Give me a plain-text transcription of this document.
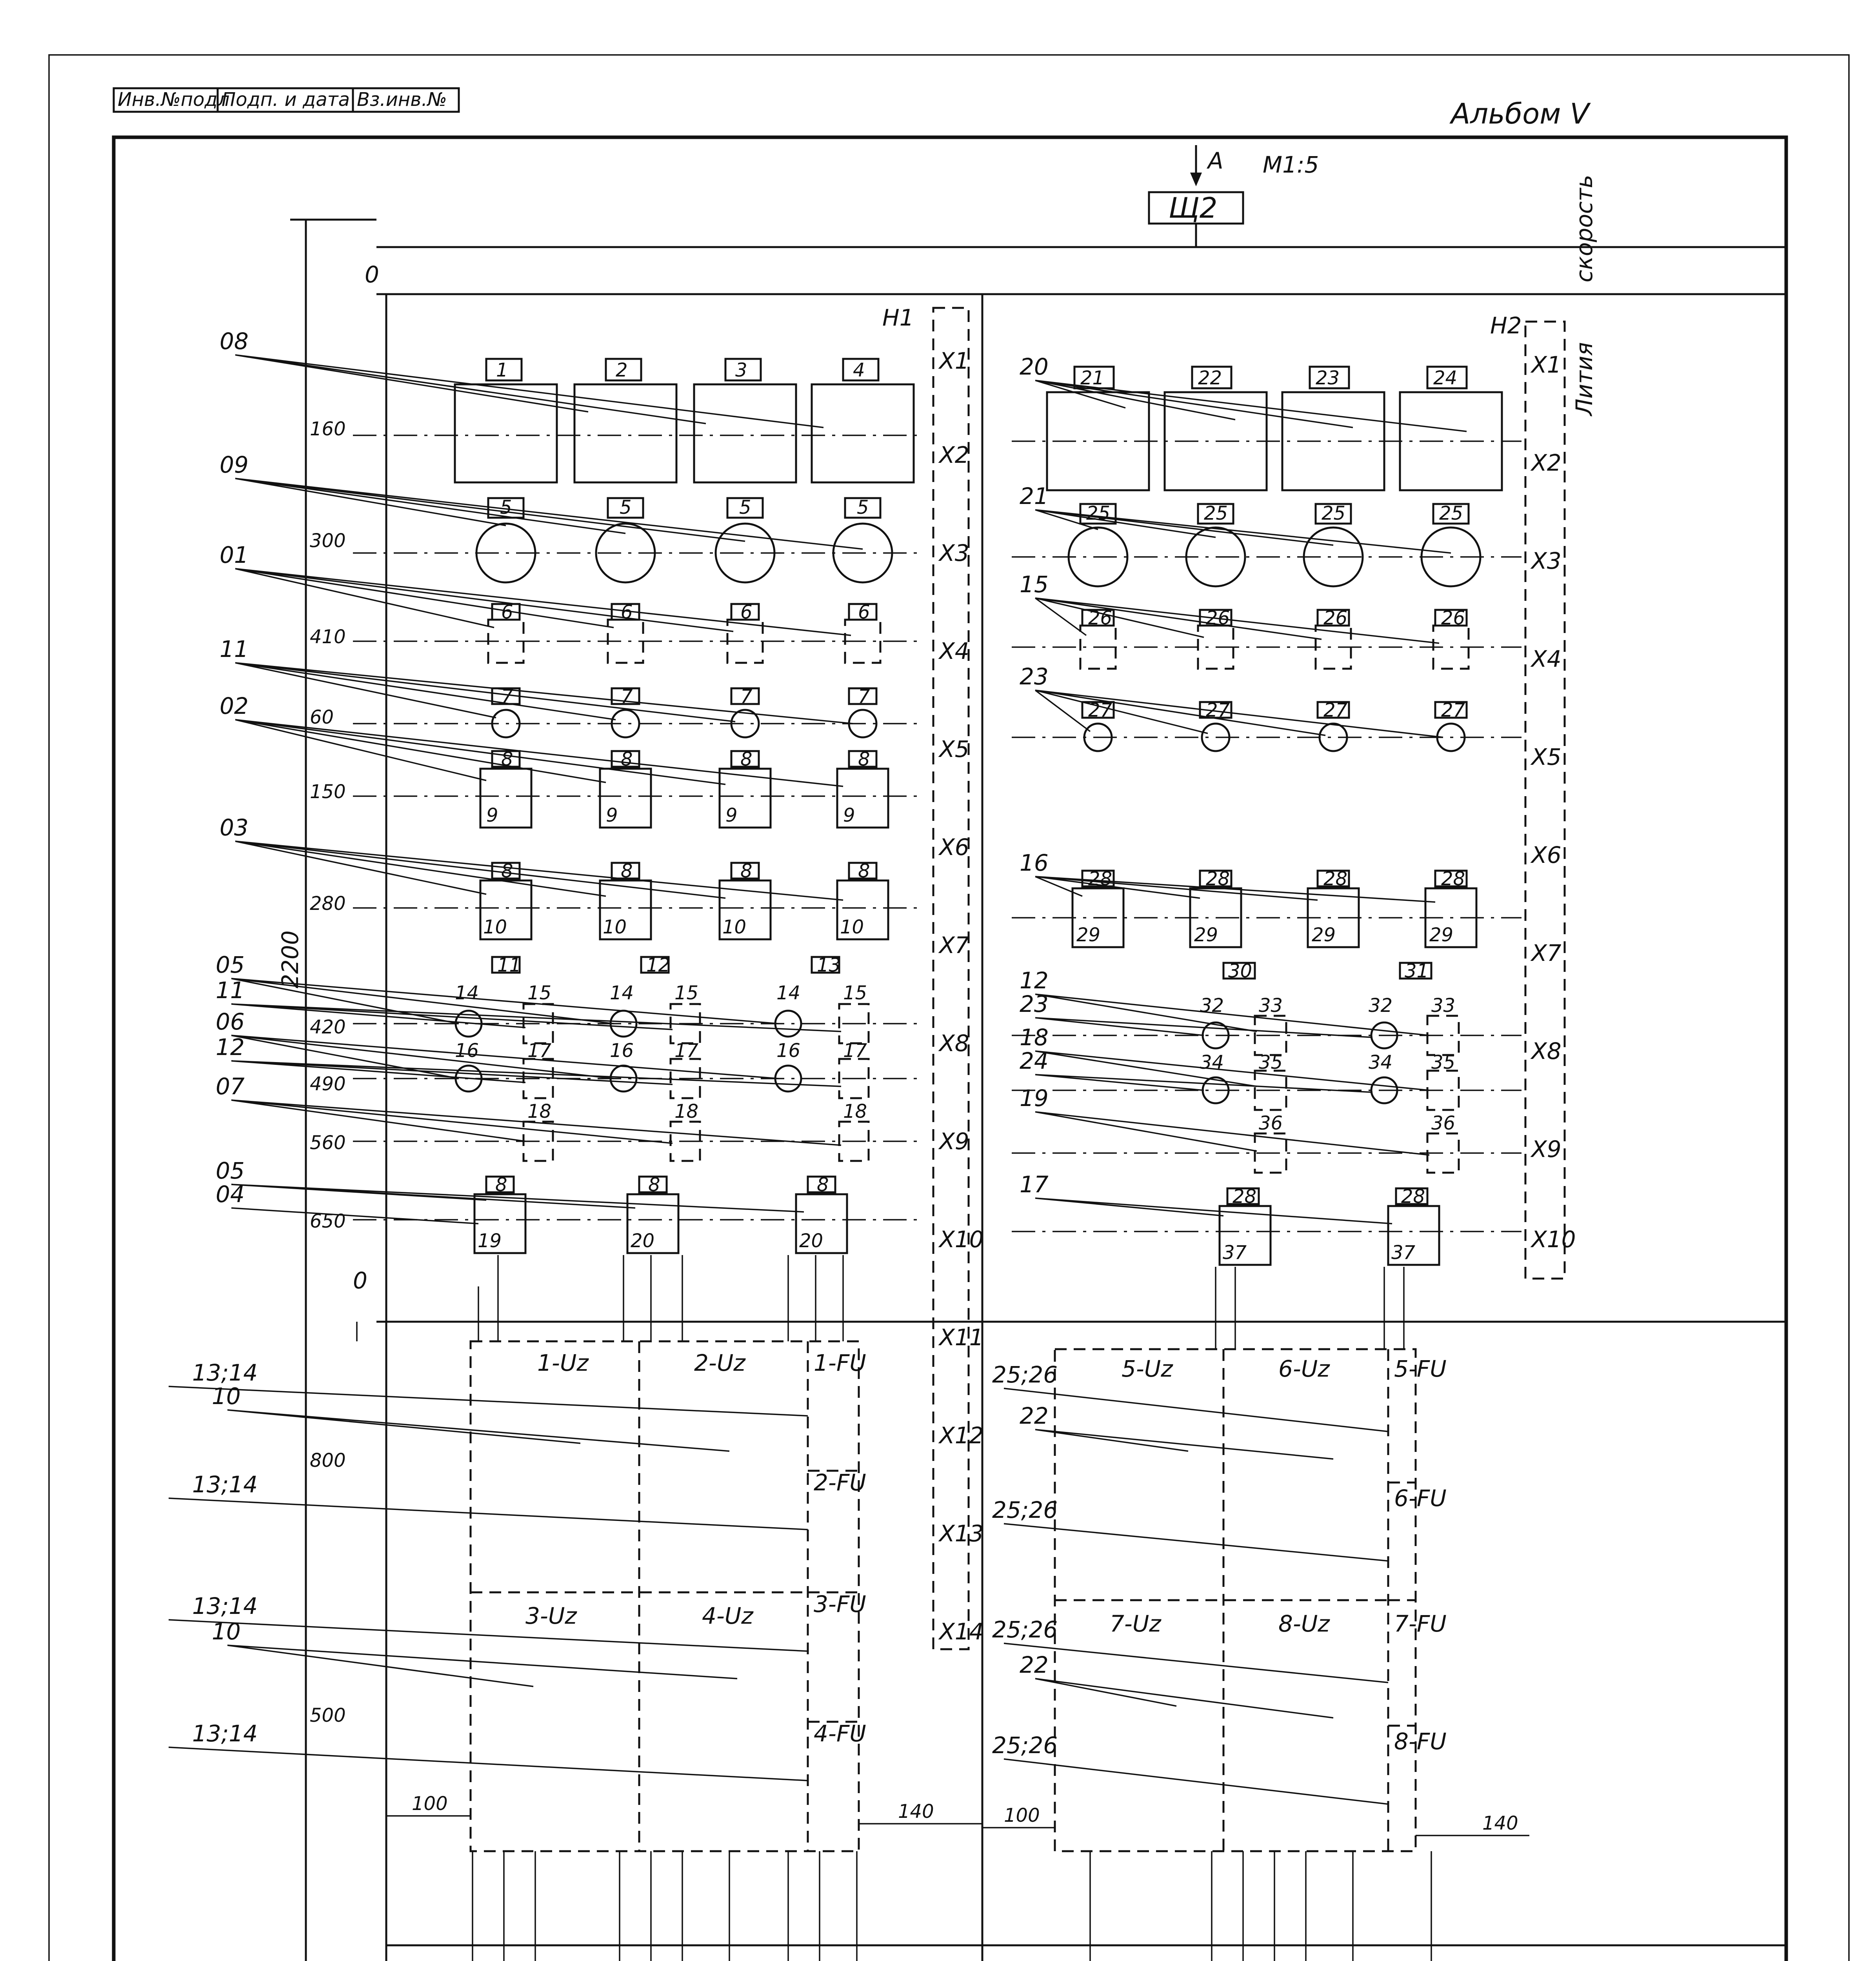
Инв.№подл
Подп. и дата Вз.инв.№	Альбом V
А М1:5
Щ2	скорость
Лития
Н1	Н2
2200
0
160
300
410
60
150
280
420
490
560
650
0
800
500
Х1
Х2
Х3
Х4
Х5
Х6
Х7
Х8
Х9
Х10
Х11
Х12
Х13
Х14
Х1
Х2
Х3
Х4
Х5
Х6
Х7
Х8
Х9
Х10
1	2	3	4
5	5	5	5
6	6	6	6
7	7	7	7
8	8	8	8
9	9	9	9
8	8	8	8
10	10	10	10
11	12	13
14	14	14
15	15	15
16	16	16
17	17	17
18	18	18
8	8	8
19	20	20
1-Uz	2-Uz
3-Uz	4-Uz
1-FU
2-FU
3-FU
4-FU
21	22	23	24
25	25	25	25
26	26	26	26
27	27	27	27
28	28	28	28
29	29	29	29
30	31
32	32
33	33
34	34
35	35
36	36
28	28
37	37
5-Uz	6-Uz
7-Uz	8-Uz
5-FU
6-FU
7-FU
8-FU
100	140	100	140
08
09
01
11
02
03
05
11
06
12
07
05
04
13;14
10
13;14
13;14
10
13;14
20
21
15
23
16
12
23
18
24
19
17
25;26
22
25;26
25;26
22
25;26
